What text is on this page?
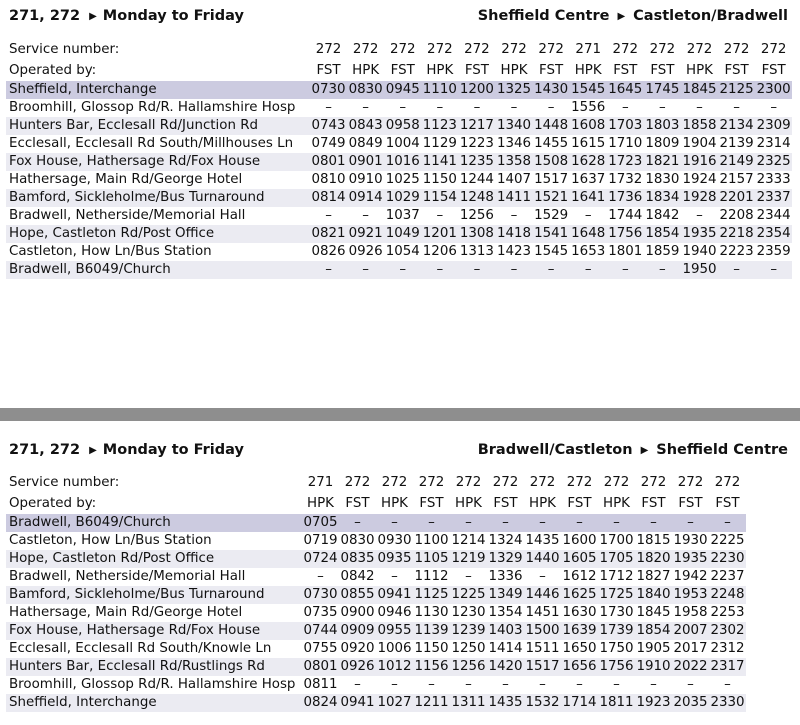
271, 272 ▶ Monday to Friday	Sheffield Centre ▶ Castleton/Bradwell
Service number:	272	272	272	272	272	272	272	271	272	272	272	272	272
Operated by:	FST	HPK	FST	HPK	FST	HPK	FST	HPK	FST	FST	HPK	FST	FST
Sheffield, Interchange	0730	0830	0945	1110	1200	1325	1430	1545	1645	1745	1845	2125	2300
Broomhill, Glossop Rd/R. Hallamshire Hosp	–	–	–	–	–	–	–	1556	–	–	–	–	–
Hunters Bar, Ecclesall Rd/Junction Rd	0743	0843	0958	1123	1217	1340	1448	1608	1703	1803	1858	2134	2309
Ecclesall, Ecclesall Rd South/Millhouses Ln	0749	0849	1004	1129	1223	1346	1455	1615	1710	1809	1904	2139	2314
Fox House, Hathersage Rd/Fox House	0801	0901	1016	1141	1235	1358	1508	1628	1723	1821	1916	2149	2325
Hathersage, Main Rd/George Hotel	0810	0910	1025	1150	1244	1407	1517	1637	1732	1830	1924	2157	2333
Bamford, Sickleholme/Bus Turnaround	0814	0914	1029	1154	1248	1411	1521	1641	1736	1834	1928	2201	2337
Bradwell, Netherside/Memorial Hall	–	–	1037	–	1256	–	1529	–	1744	1842	–	2208	2344
Hope, Castleton Rd/Post Office	0821	0921	1049	1201	1308	1418	1541	1648	1756	1854	1935	2218	2354
Castleton, How Ln/Bus Station	0826	0926	1054	1206	1313	1423	1545	1653	1801	1859	1940	2223	2359
Bradwell, B6049/Church	–	–	–	–	–	–	–	–	–	–	1950	–	–
271, 272 ▶ Monday to Friday	Bradwell/Castleton ▶ Sheffield Centre
Service number:	271	272	272	272	272	272	272	272	272	272	272	272
Operated by:	HPK	FST	HPK	FST	HPK	FST	HPK	FST	HPK	FST	FST	FST
Bradwell, B6049/Church	0705	–	–	–	–	–	–	–	–	–	–	–
Castleton, How Ln/Bus Station	0719	0830	0930	1100	1214	1324	1435	1600	1700	1815	1930	2225
Hope, Castleton Rd/Post Office	0724	0835	0935	1105	1219	1329	1440	1605	1705	1820	1935	2230
Bradwell, Netherside/Memorial Hall	–	0842	–	1112	–	1336	–	1612	1712	1827	1942	2237
Bamford, Sickleholme/Bus Turnaround	0730	0855	0941	1125	1225	1349	1446	1625	1725	1840	1953	2248
Hathersage, Main Rd/George Hotel	0735	0900	0946	1130	1230	1354	1451	1630	1730	1845	1958	2253
Fox House, Hathersage Rd/Fox House	0744	0909	0955	1139	1239	1403	1500	1639	1739	1854	2007	2302
Ecclesall, Ecclesall Rd South/Knowle Ln	0755	0920	1006	1150	1250	1414	1511	1650	1750	1905	2017	2312
Hunters Bar, Ecclesall Rd/Rustlings Rd	0801	0926	1012	1156	1256	1420	1517	1656	1756	1910	2022	2317
Broomhill, Glossop Rd/R. Hallamshire Hosp	0811	–	–	–	–	–	–	–	–	–	–	–
Sheffield, Interchange	0824	0941	1027	1211	1311	1435	1532	1714	1811	1923	2035	2330
